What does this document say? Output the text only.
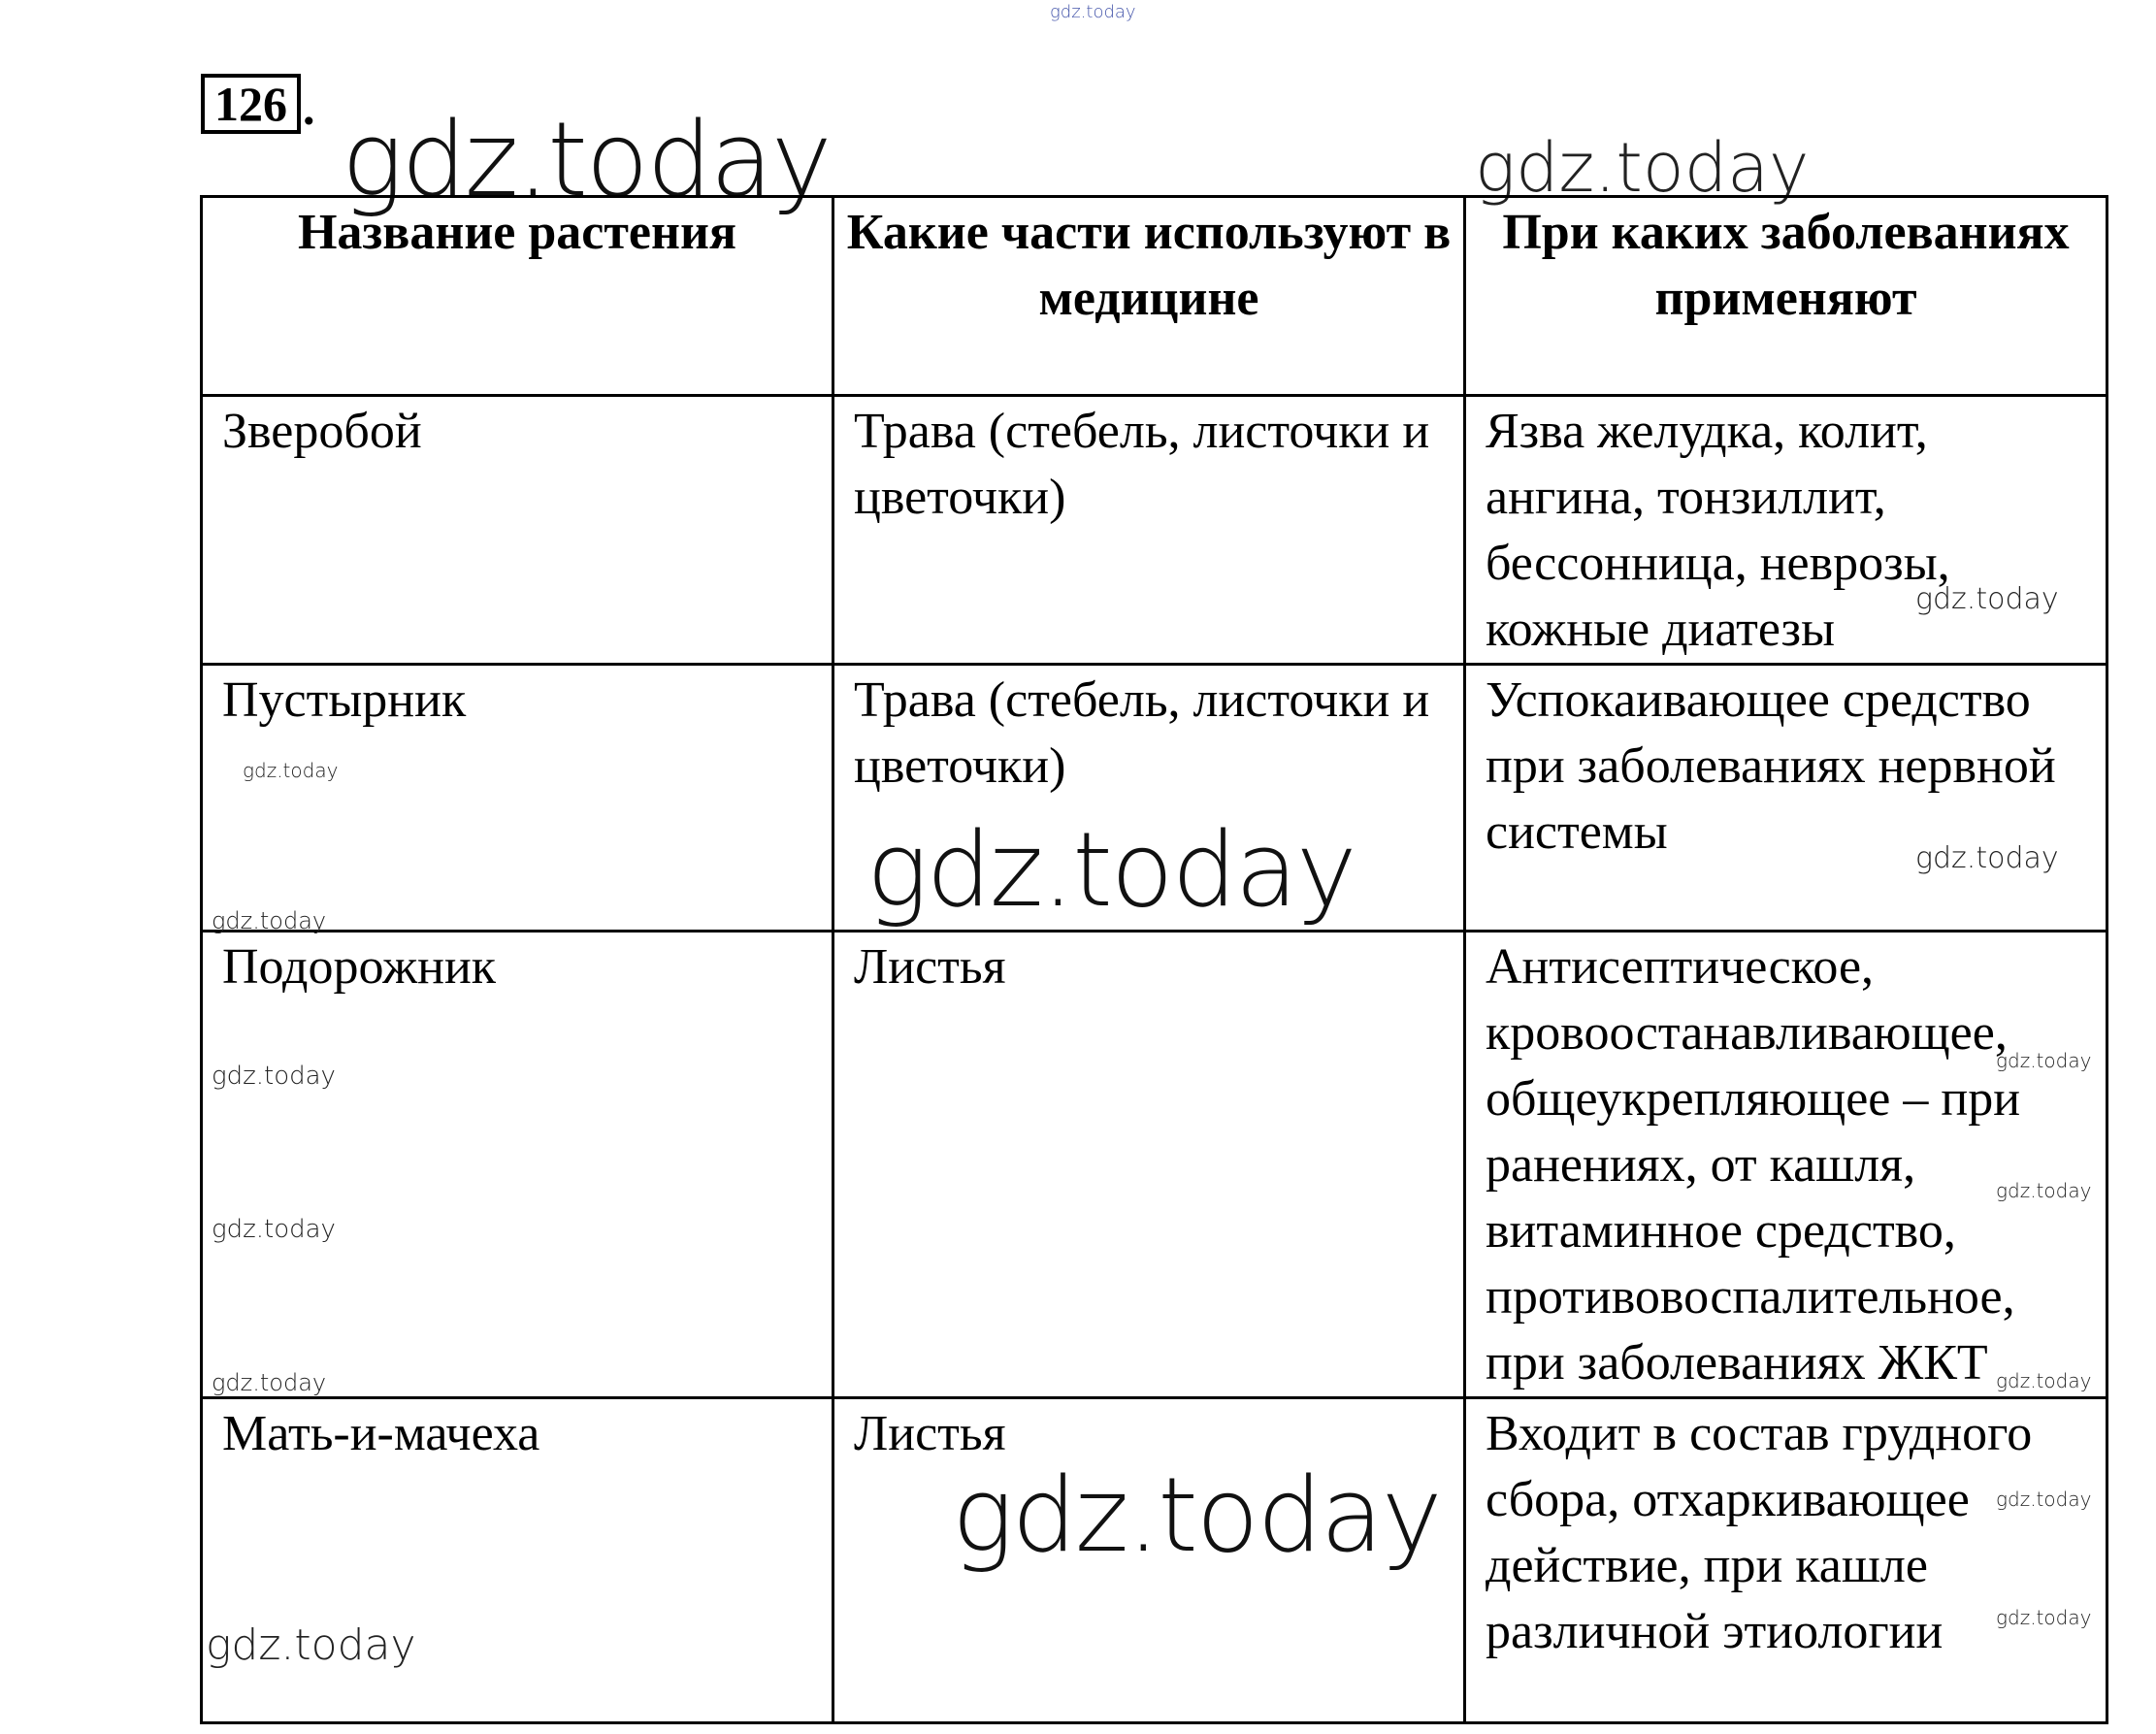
gdz.today
126 . gdz.today	gdz.today
Название растения	Какие части используют в медицине	При каких заболеваниях применяют
Зверобой	Трава (стебель, листочки и цветочки)	Язва желудка, колит, ангина, тонзиллит, бессонница, неврозы, кожные диатезы
Пустырник	Трава (стебель, листочки и цветочки)	Успокаивающее средство при заболеваниях нервной системы
Подорожник	Листья	Антисептическое, кровоостанавливающее, общеукрепляющее – при ранениях, от кашля, витаминное средство, противовоспалительное, при заболеваниях ЖКТ
Мать-и-мачеха	Листья	Входит в состав грудного сбора, отхаркивающее действие, при кашле различной этиологии
gdz.today
gdz.today
gdz.today	gdz.today
gdz.today
gdz.today
gdz.today
gdz.today
gdz.today
gdz.today
gdz.today
gdz.today	gdz.today
gdz.today
gdz.today
